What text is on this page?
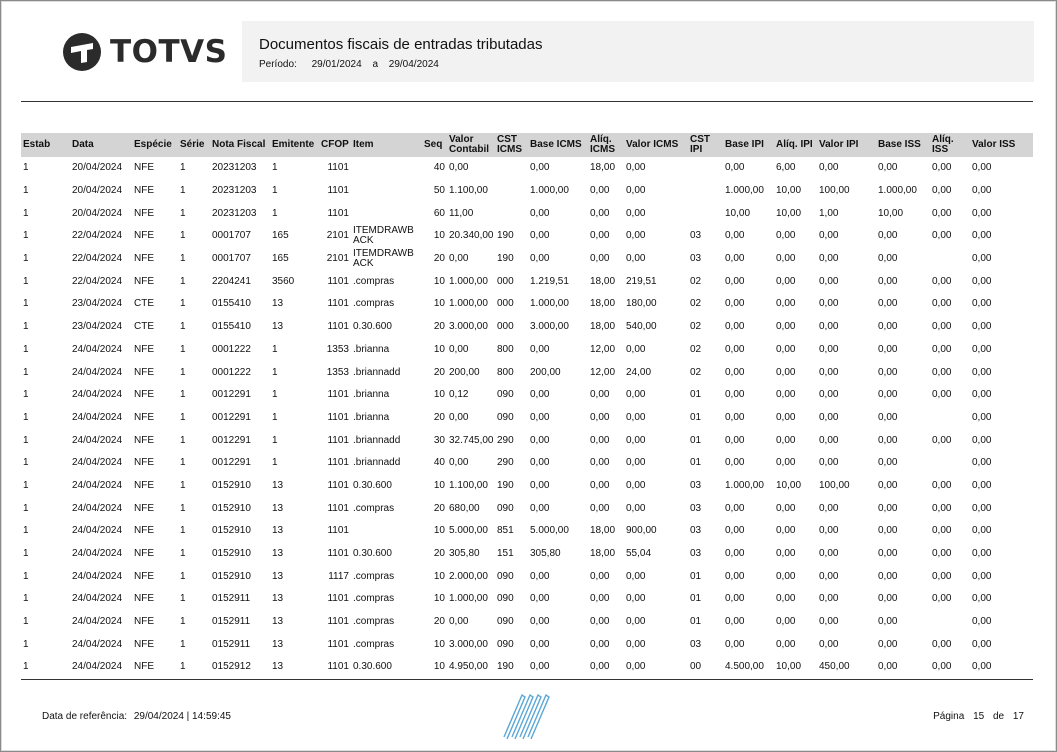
TOTVS Documentos fiscais de entradas tributadas
Período: 29/01/2024 a 29/04/2024
Estab	Data	Espécie	Série	Nota Fiscal	Emitente	CFOP	Item	Seq	Valor Contabil	CST ICMS	Base ICMS	Alíq. ICMS	Valor ICMS	CST IPI	Base IPI	Alíq. IPI	Valor IPI	Base ISS	Alíq. ISS	Valor ISS
1	20/04/2024	NFE	1	20231203	1	1101		40	0,00		0,00	18,00	0,00		0,00	6,00	0,00	0,00	0,00	0,00
1	20/04/2024	NFE	1	20231203	1	1101		50	1.100,00		1.000,00	0,00	0,00		1.000,00	10,00	100,00	1.000,00	0,00	0,00
1	20/04/2024	NFE	1	20231203	1	1101		60	11,00		0,00	0,00	0,00		10,00	10,00	1,00	10,00	0,00	0,00
1	22/04/2024	NFE	1	0001707	165	2101	ITEMDRAWBACK	10	20.340,00	190	0,00	0,00	0,00	03	0,00	0,00	0,00	0,00	0,00	0,00
1	22/04/2024	NFE	1	0001707	165	2101	ITEMDRAWBACK	20	0,00	190	0,00	0,00	0,00	03	0,00	0,00	0,00	0,00		0,00
1	22/04/2024	NFE	1	2204241	3560	1101	.compras	10	1.000,00	000	1.219,51	18,00	219,51	02	0,00	0,00	0,00	0,00	0,00	0,00
1	23/04/2024	CTE	1	0155410	13	1101	.compras	10	1.000,00	000	1.000,00	18,00	180,00	02	0,00	0,00	0,00	0,00	0,00	0,00
1	23/04/2024	CTE	1	0155410	13	1101	0.30.600	20	3.000,00	000	3.000,00	18,00	540,00	02	0,00	0,00	0,00	0,00	0,00	0,00
1	24/04/2024	NFE	1	0001222	1	1353	.brianna	10	0,00	800	0,00	12,00	0,00	02	0,00	0,00	0,00	0,00	0,00	0,00
1	24/04/2024	NFE	1	0001222	1	1353	.briannadd	20	200,00	800	200,00	12,00	24,00	02	0,00	0,00	0,00	0,00	0,00	0,00
1	24/04/2024	NFE	1	0012291	1	1101	.brianna	10	0,12	090	0,00	0,00	0,00	01	0,00	0,00	0,00	0,00	0,00	0,00
1	24/04/2024	NFE	1	0012291	1	1101	.brianna	20	0,00	090	0,00	0,00	0,00	01	0,00	0,00	0,00	0,00		0,00
1	24/04/2024	NFE	1	0012291	1	1101	.briannadd	30	32.745,00	290	0,00	0,00	0,00	01	0,00	0,00	0,00	0,00	0,00	0,00
1	24/04/2024	NFE	1	0012291	1	1101	.briannadd	40	0,00	290	0,00	0,00	0,00	01	0,00	0,00	0,00	0,00		0,00
1	24/04/2024	NFE	1	0152910	13	1101	0.30.600	10	1.100,00	190	0,00	0,00	0,00	03	1.000,00	10,00	100,00	0,00	0,00	0,00
1	24/04/2024	NFE	1	0152910	13	1101	.compras	20	680,00	090	0,00	0,00	0,00	03	0,00	0,00	0,00	0,00	0,00	0,00
1	24/04/2024	NFE	1	0152910	13	1101		10	5.000,00	851	5.000,00	18,00	900,00	03	0,00	0,00	0,00	0,00	0,00	0,00
1	24/04/2024	NFE	1	0152910	13	1101	0.30.600	20	305,80	151	305,80	18,00	55,04	03	0,00	0,00	0,00	0,00	0,00	0,00
1	24/04/2024	NFE	1	0152910	13	1117	.compras	10	2.000,00	090	0,00	0,00	0,00	01	0,00	0,00	0,00	0,00	0,00	0,00
1	24/04/2024	NFE	1	0152911	13	1101	.compras	10	1.000,00	090	0,00	0,00	0,00	01	0,00	0,00	0,00	0,00	0,00	0,00
1	24/04/2024	NFE	1	0152911	13	1101	.compras	20	0,00	090	0,00	0,00	0,00	01	0,00	0,00	0,00	0,00		0,00
1	24/04/2024	NFE	1	0152911	13	1101	.compras	10	3.000,00	090	0,00	0,00	0,00	03	0,00	0,00	0,00	0,00	0,00	0,00
1	24/04/2024	NFE	1	0152912	13	1101	0.30.600	10	4.950,00	190	0,00	0,00	0,00	00	4.500,00	10,00	450,00	0,00	0,00	0,00
Data de referência: 29/04/2024 | 14:59:45	Página 15 de 17
